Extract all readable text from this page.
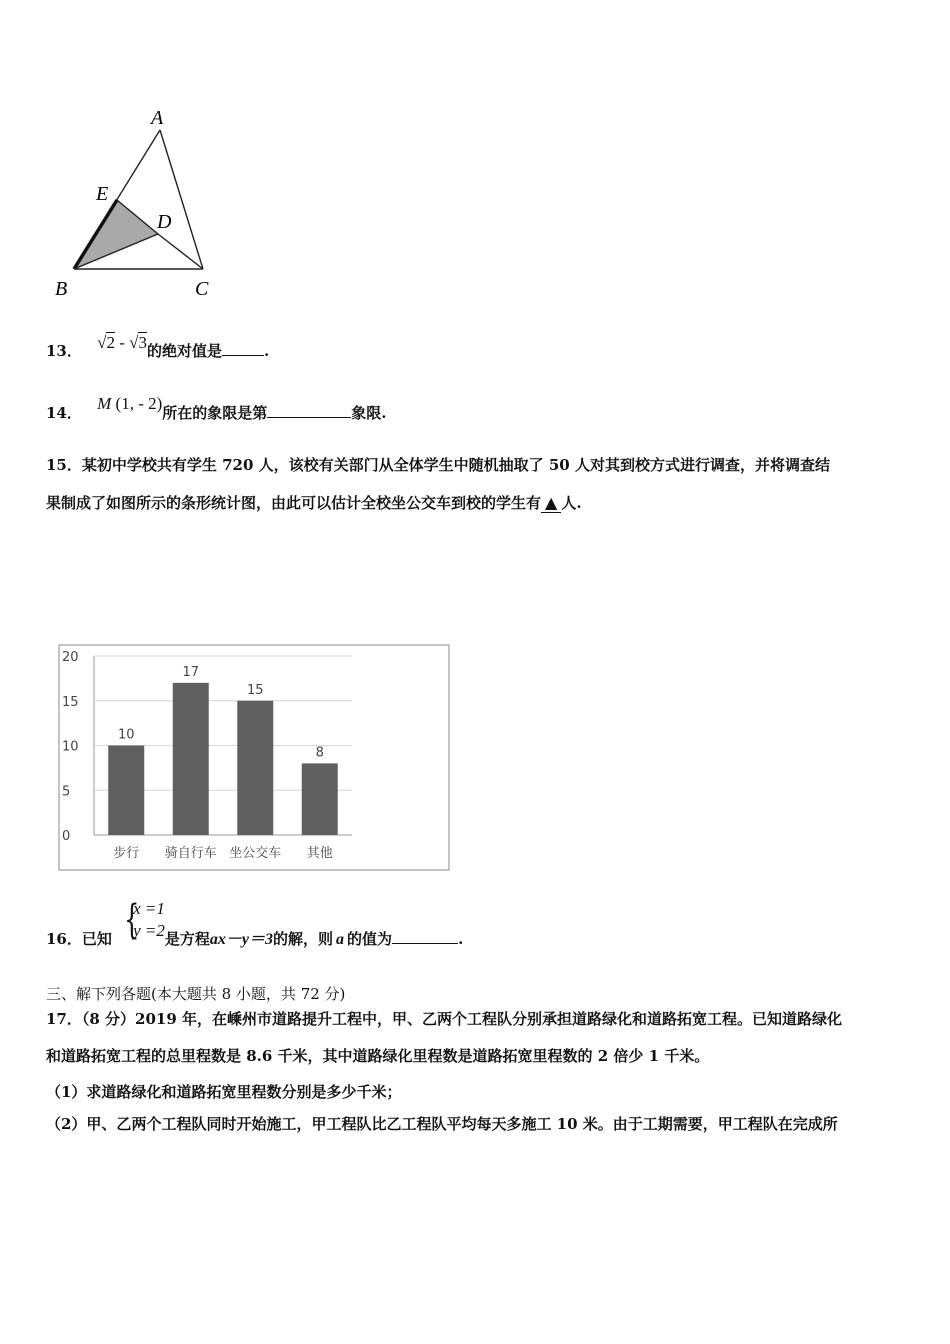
A
E
D
B	C
13． √2 - √3的绝对值是	.
14． M (1, - 2)所在的象限是第	象限.
15．某初中学校共有学生 720 人，该校有关部门从全体学生中随机抽取了 50 人对其到校方式进行调查，并将调查结
果制成了如图所示的条形统计图，由此可以估计全校坐公交车到校的学生有 ▲ 人.
0
5
10
15
20
10
步行
17
骑自行车
15
坐公交车
8
其他
16．已知 {
x =1
y =2 是方程ax－y＝3的解，则 a 的值为	.
三、解下列各题(本大题共 8 小题，共 72 分)
17．（8 分）2019 年，在嵊州市道路提升工程中，甲、乙两个工程队分别承担道路绿化和道路拓宽工程。已知道路绿化
和道路拓宽工程的总里程数是 8.6 千米，其中道路绿化里程数是道路拓宽里程数的 2 倍少 1 千米。
（1）求道路绿化和道路拓宽里程数分别是多少千米；
（2）甲、乙两个工程队同时开始施工，甲工程队比乙工程队平均每天多施工 10 米。由于工期需要，甲工程队在完成所
